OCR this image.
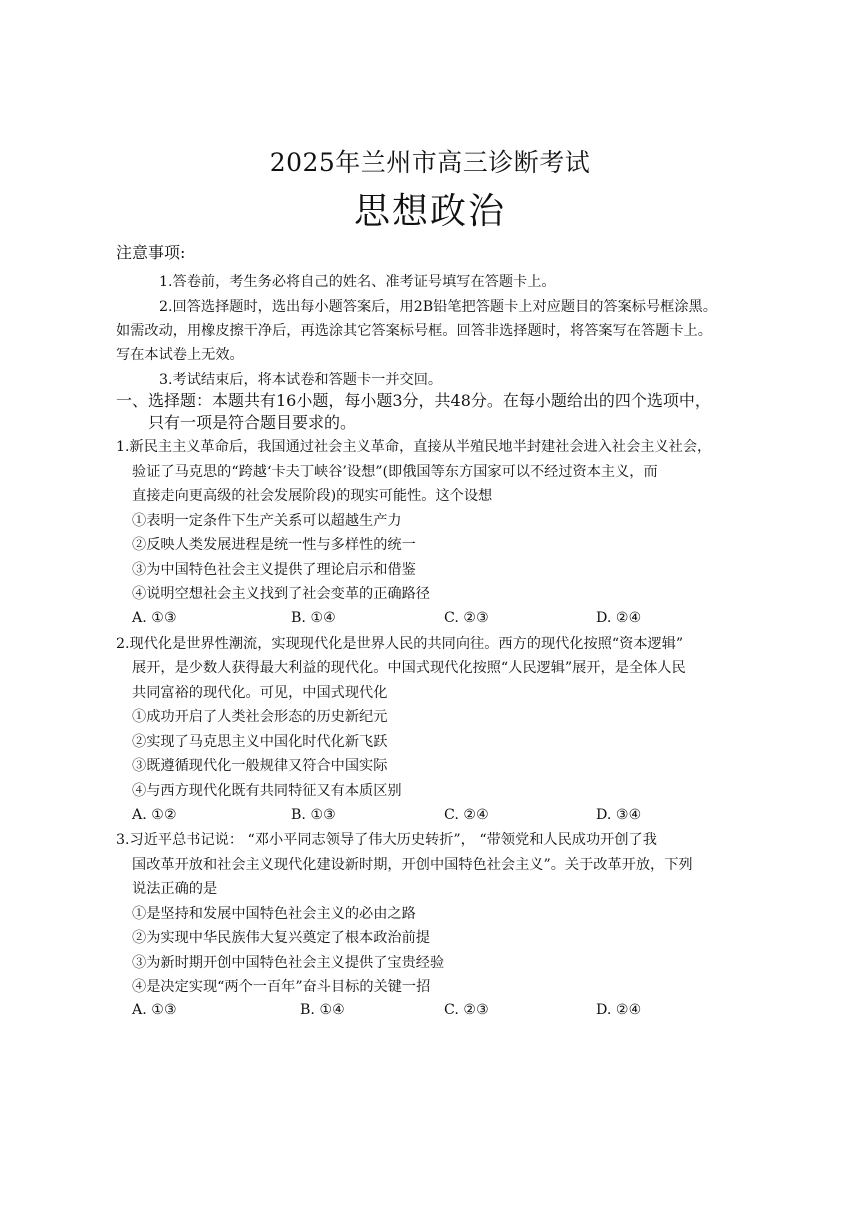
2025年兰州市高三诊断考试
思想政治
注意事项:
1.答卷前，考生务必将自己的姓名、准考证号填写在答题卡上。
2.回答选择题时，选出每小题答案后，用2B铅笔把答题卡上对应题目的答案标号框涂黑。
如需改动，用橡皮擦干净后，再选涂其它答案标号框。回答非选择题时，将答案写在答题卡上。
写在本试卷上无效。
3.考试结束后，将本试卷和答题卡一并交回。
一、选择题：本题共有16小题，每小题3分，共48分。在每小题给出的四个选项中，
只有一项是符合题目要求的。
1.新民主主义革命后，我国通过社会主义革命，直接从半殖民地半封建社会进入社会主义社会，
验证了马克思的“跨越‘卡夫丁峡谷’设想”(即俄国等东方国家可以不经过资本主义，而
直接走向更高级的社会发展阶段)的现实可能性。这个设想
①表明一定条件下生产关系可以超越生产力
②反映人类发展进程是统一性与多样性的统一
③为中国特色社会主义提供了理论启示和借鉴
④说明空想社会主义找到了社会变革的正确路径
A. ①③	B. ①④	C. ②③	D. ②④
2.现代化是世界性潮流，实现现代化是世界人民的共同向往。西方的现代化按照“资本逻辑”
展开，是少数人获得最大利益的现代化。中国式现代化按照“人民逻辑”展开，是全体人民
共同富裕的现代化。可见，中国式现代化
①成功开启了人类社会形态的历史新纪元
②实现了马克思主义中国化时代化新飞跃
③既遵循现代化一般规律又符合中国实际
④与西方现代化既有共同特征又有本质区别
A. ①②	B. ①③	C. ②④	D. ③④
3.习近平总书记说： “邓小平同志领导了伟大历史转折”， “带领党和人民成功开创了我
国改革开放和社会主义现代化建设新时期，开创中国特色社会主义”。关于改革开放，下列
说法正确的是
①是坚持和发展中国特色社会主义的必由之路
②为实现中华民族伟大复兴奠定了根本政治前提
③为新时期开创中国特色社会主义提供了宝贵经验
④是决定实现“两个一百年”奋斗目标的关键一招
A. ①③	B. ①④	C. ②③	D. ②④
